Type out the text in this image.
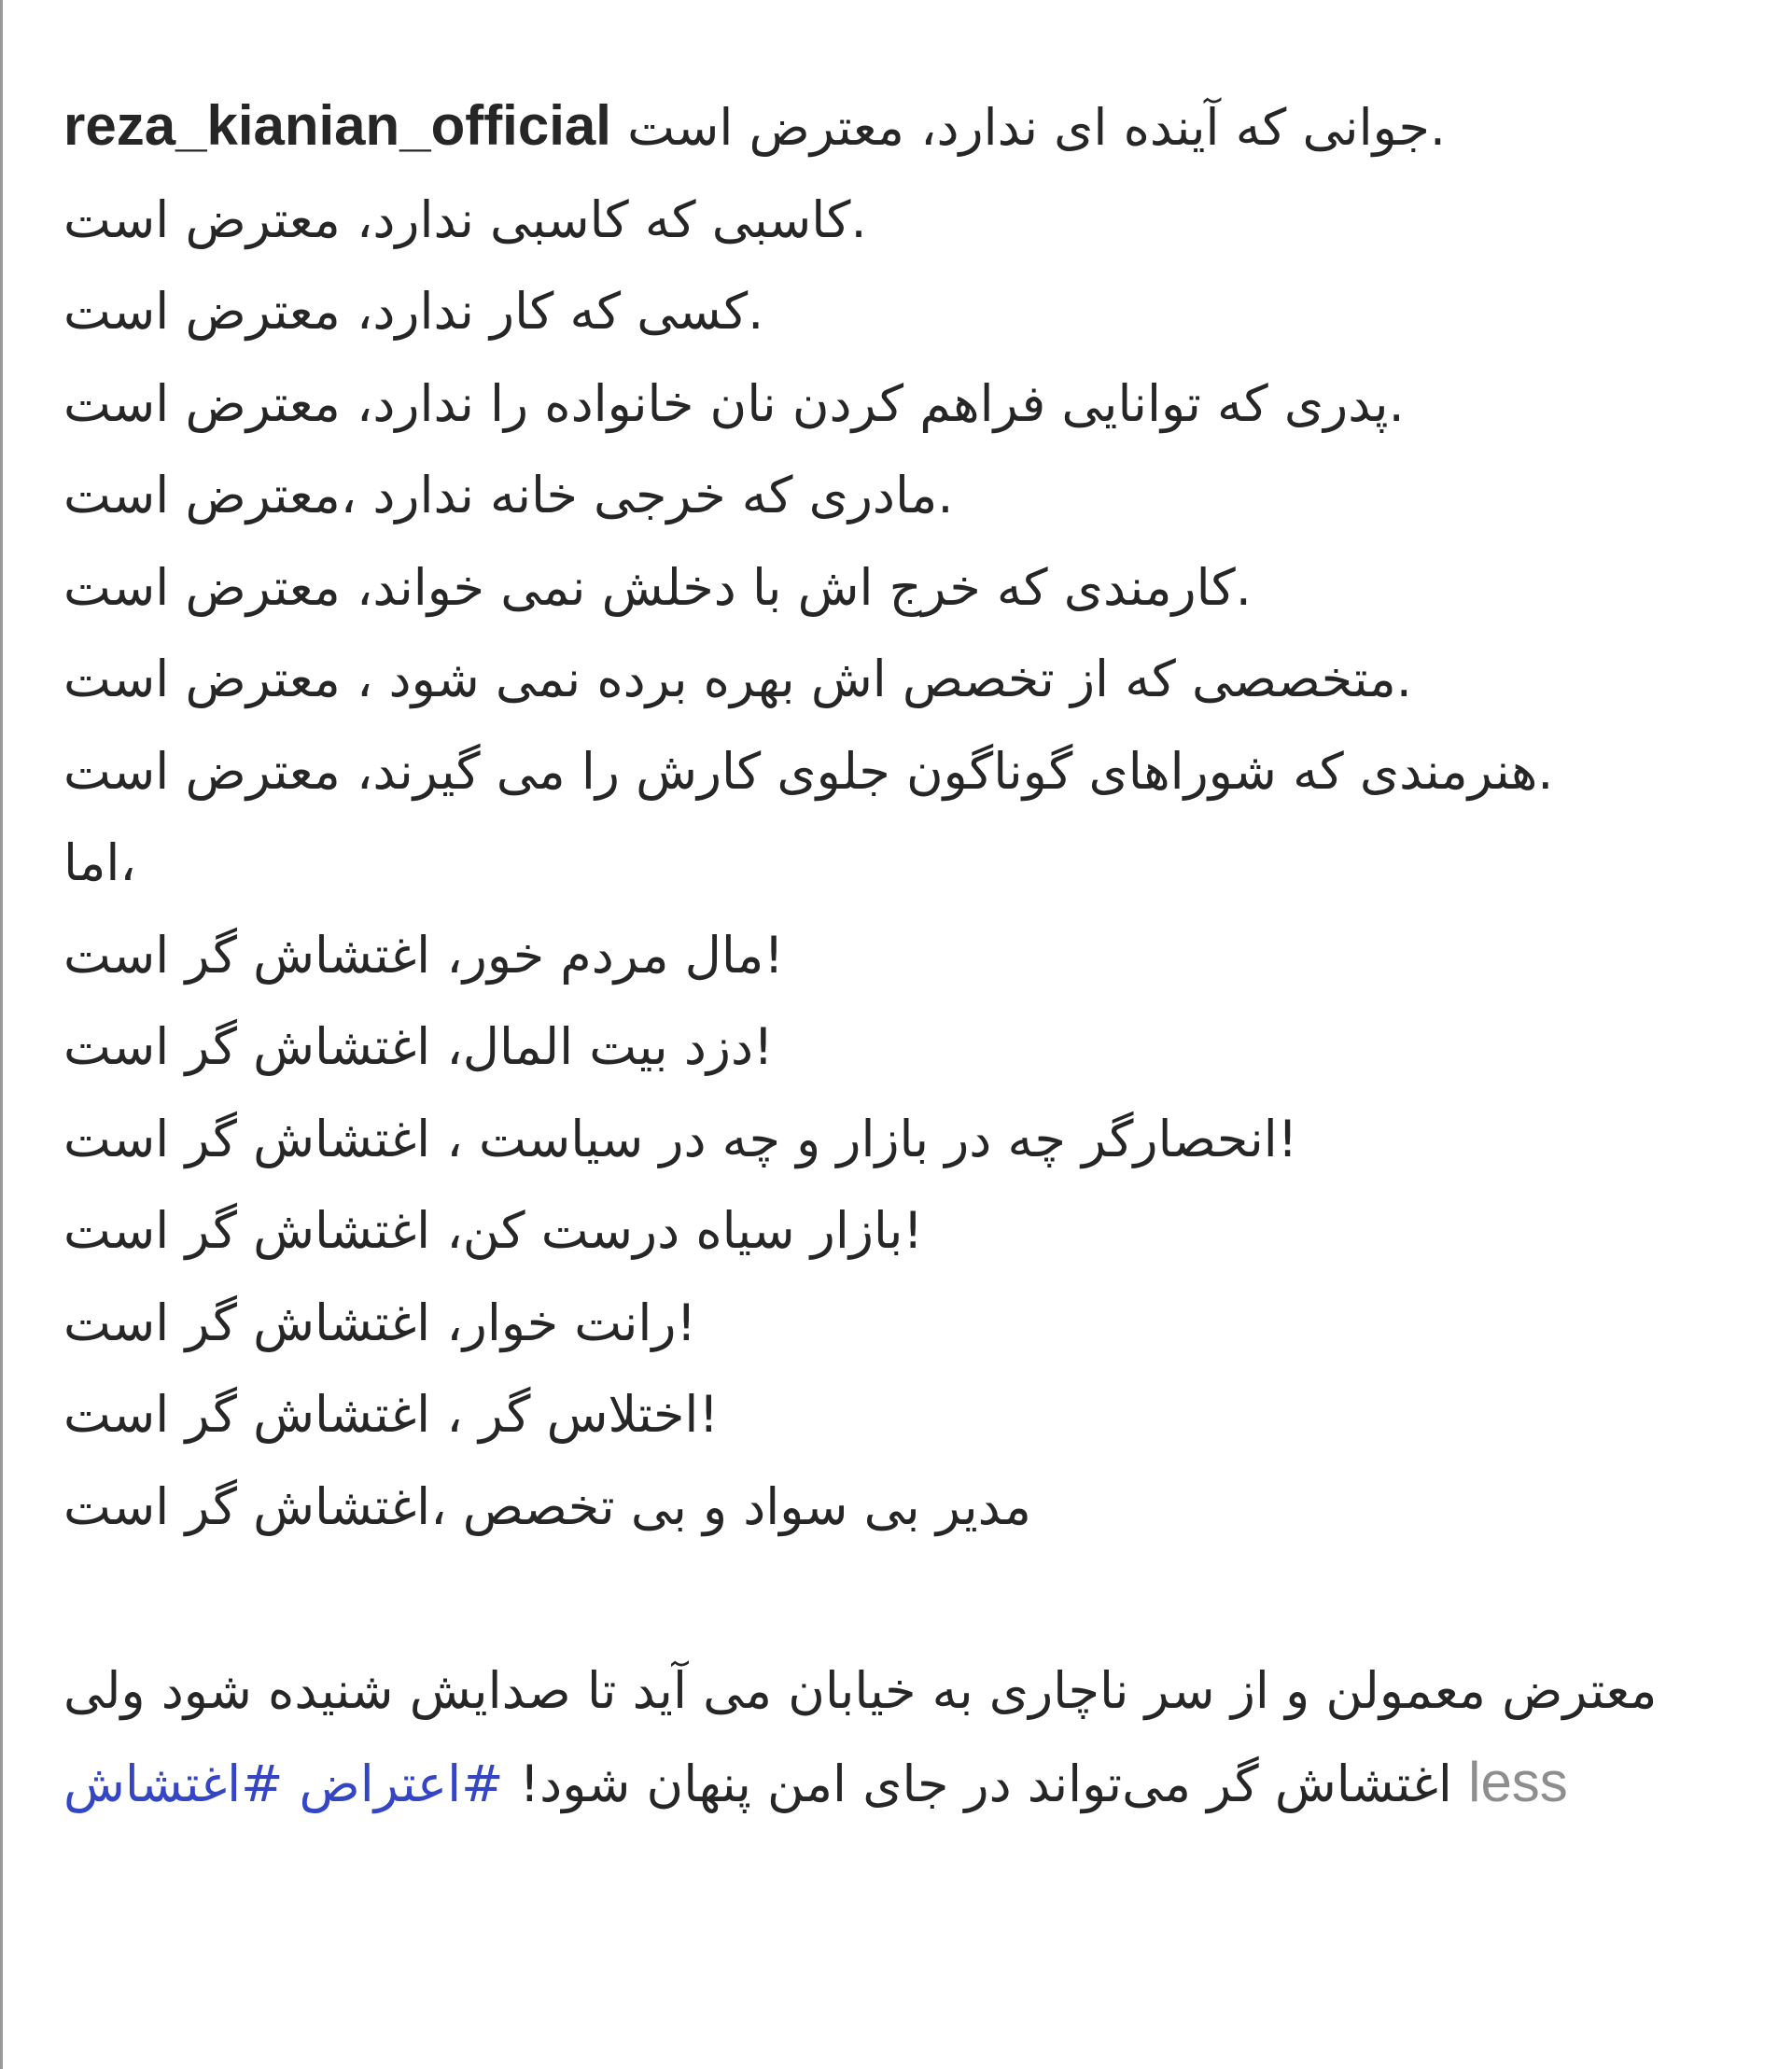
reza_kianian_official جوانی که آینده ای ندارد، معترض است.
کاسبی که کاسبی ندارد، معترض است.
کسی که کار ندارد، معترض است.
پدری که توانایی فراهم کردن نان خانواده را ندارد، معترض است.
مادری که خرجی خانه ندارد ،معترض است.
کارمندی که خرج اش با دخلش نمی خواند، معترض است.
متخصصی که از تخصص اش بهره برده نمی شود ، معترض است.
هنرمندی که شوراهای گوناگون جلوی کارش را می گیرند، معترض است.
اما،
مال مردم خور، اغتشاش گر است!
دزد بیت المال، اغتشاش گر است!
انحصارگر چه در بازار و چه در سیاست ، اغتشاش گر است!
بازار سیاه درست کن، اغتشاش گر است!
رانت خوار، اغتشاش گر است!
اختلاس گر ، اغتشاش گر است!
مدیر بی سواد و بی تخصص ،اغتشاش گر است
معترض معمولن و از سر ناچاری به خیابان می آید تا صدایش شنیده شود ولی اغتشاش گر می‌تواند در جای امن پنهان شود! #اعتراض #اغتشاش	less
